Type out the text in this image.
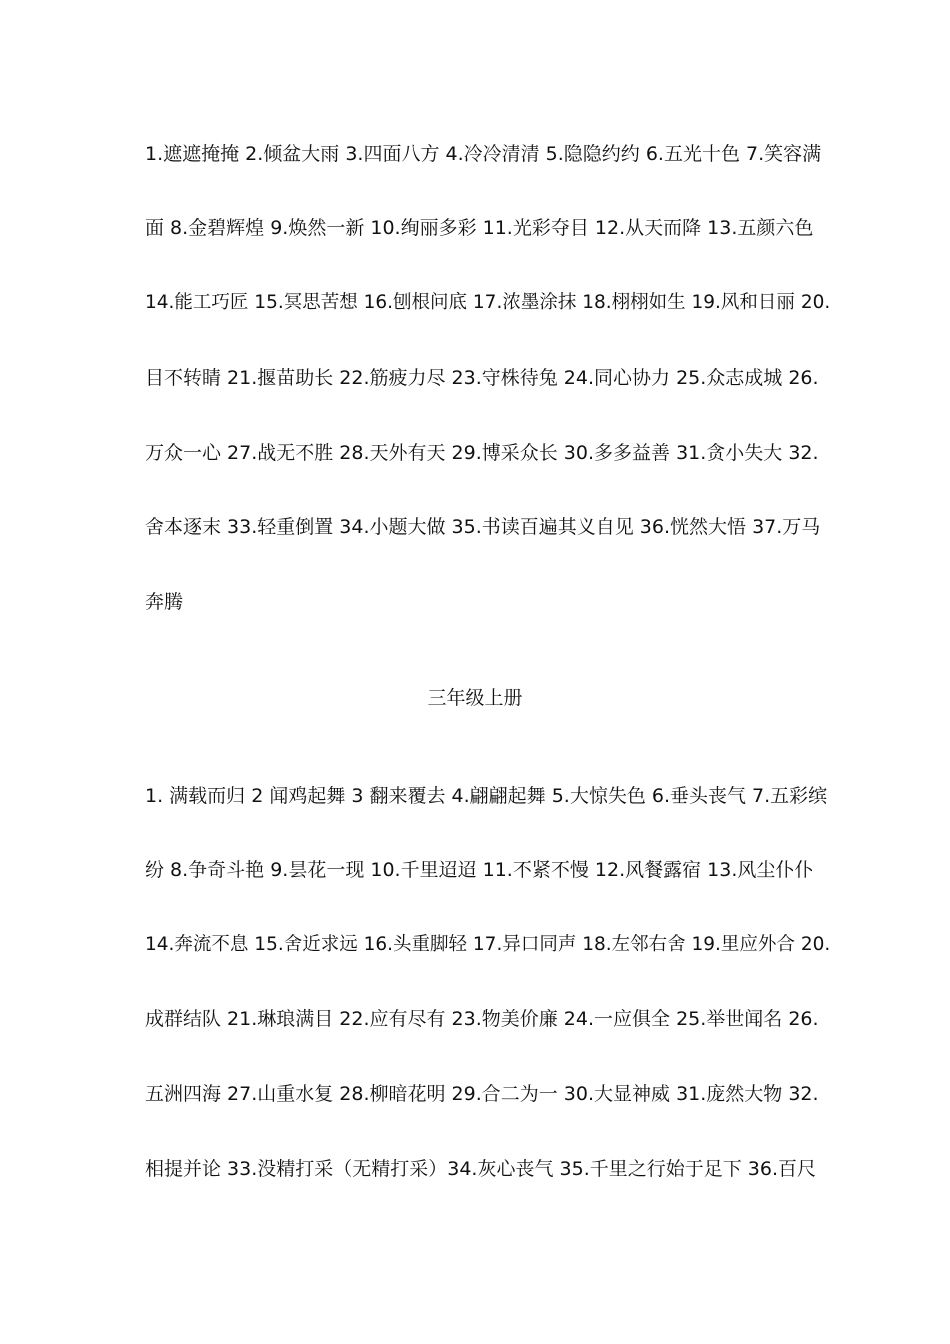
1.遮遮掩掩 2.倾盆大雨 3.四面八方 4.冷冷清清 5.隐隐约约 6.五光十色 7.笑容满
面 8.金碧辉煌 9.焕然一新 10.绚丽多彩 11.光彩夺目 12.从天而降 13.五颜六色
14.能工巧匠 15.冥思苦想 16.刨根问底 17.浓墨涂抹 18.栩栩如生 19.风和日丽 20.
目不转睛 21.揠苗助长 22.筋疲力尽 23.守株待兔 24.同心协力 25.众志成城 26.
万众一心 27.战无不胜 28.天外有天 29.博采众长 30.多多益善 31.贪小失大 32.
舍本逐末 33.轻重倒置 34.小题大做 35.书读百遍其义自见 36.恍然大悟 37.万马
奔腾
三年级上册
1. 满载而归 2 闻鸡起舞 3 翻来覆去 4.翩翩起舞 5.大惊失色 6.垂头丧气 7.五彩缤
纷 8.争奇斗艳 9.昙花一现 10.千里迢迢 11.不紧不慢 12.风餐露宿 13.风尘仆仆
14.奔流不息 15.舍近求远 16.头重脚轻 17.异口同声 18.左邻右舍 19.里应外合 20.
成群结队 21.琳琅满目 22.应有尽有 23.物美价廉 24.一应俱全 25.举世闻名 26.
五洲四海 27.山重水复 28.柳暗花明 29.合二为一 30.大显神威 31.庞然大物 32.
相提并论 33.没精打采（无精打采）34.灰心丧气 35.千里之行始于足下 36.百尺
